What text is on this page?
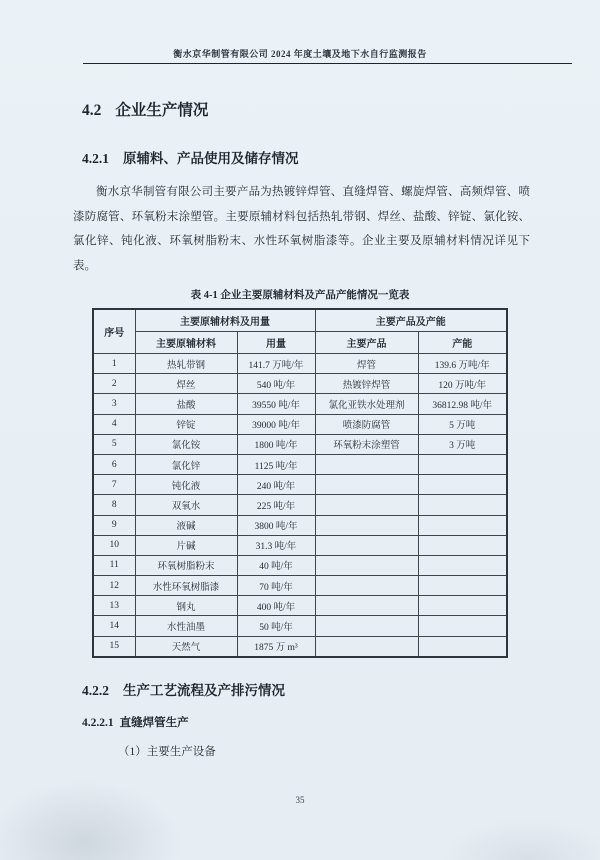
衡水京华制管有限公司 2024 年度土壤及地下水自行监测报告
4.2 企业生产情况
4.2.1 原辅料、产品使用及储存情况

衡水京华制管有限公司主要产品为热镀锌焊管、直缝焊管、螺旋焊管、高频焊管、喷漆防腐管、环氧粉末涂塑管。主要原辅材料包括热轧带钢、焊丝、盐酸、锌锭、氯化铵、氯化锌、钝化液、环氧树脂粉末、水性环氧树脂漆等。企业主要及原辅材料情况详见下表。

表 4-1 企业主要原辅材料及产品产能情况一览表
序号	主要原辅材料及用量		主要产品及产能	
	主要原辅材料	用量	主要产品	产能
1	热轧带钢	141.7 万吨/年	焊管	139.6 万吨/年
2	焊丝	540 吨/年	热镀锌焊管	120 万吨/年
3	盐酸	39550 吨/年	氯化亚铁水处理剂	36812.98 吨/年
4	锌锭	39000 吨/年	喷漆防腐管	5 万吨
5	氯化铵	1800 吨/年	环氧粉末涂塑管	3 万吨
6	氯化锌	1125 吨/年		
7	钝化液	240 吨/年		
8	双氧水	225 吨/年		
9	液碱	3800 吨/年		
10	片碱	31.3 吨/年		
11	环氧树脂粉末	40 吨/年		
12	水性环氧树脂漆	70 吨/年		
13	钢丸	400 吨/年		
14	水性油墨	50 吨/年		
15	天然气	1875 万 m³		
4.2.2 生产工艺流程及产排污情况
4.2.2.1 直缝焊管生产
（1）主要生产设备
35
